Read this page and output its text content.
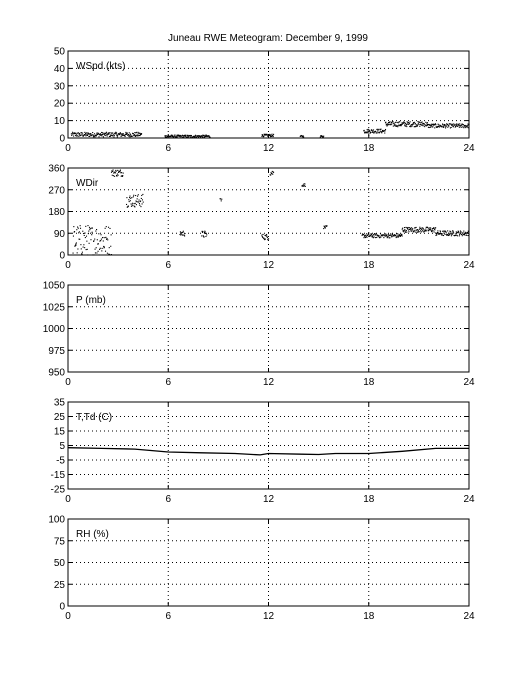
Juneau RWE Meteogram: December 9, 1999
0	6	12	18	24
0
10
20
30
40
50
WSpd (kts)
0	6	12	18	24
0
90
180
270
360
WDir
0	6	12	18	24
950
975
1000
1025
1050
P (mb)
0	6	12	18	24
-25
-15
-5
5
15
25
35
T,Td (C)
0	6	12	18	24
0
25
50
75
100
RH (%)
